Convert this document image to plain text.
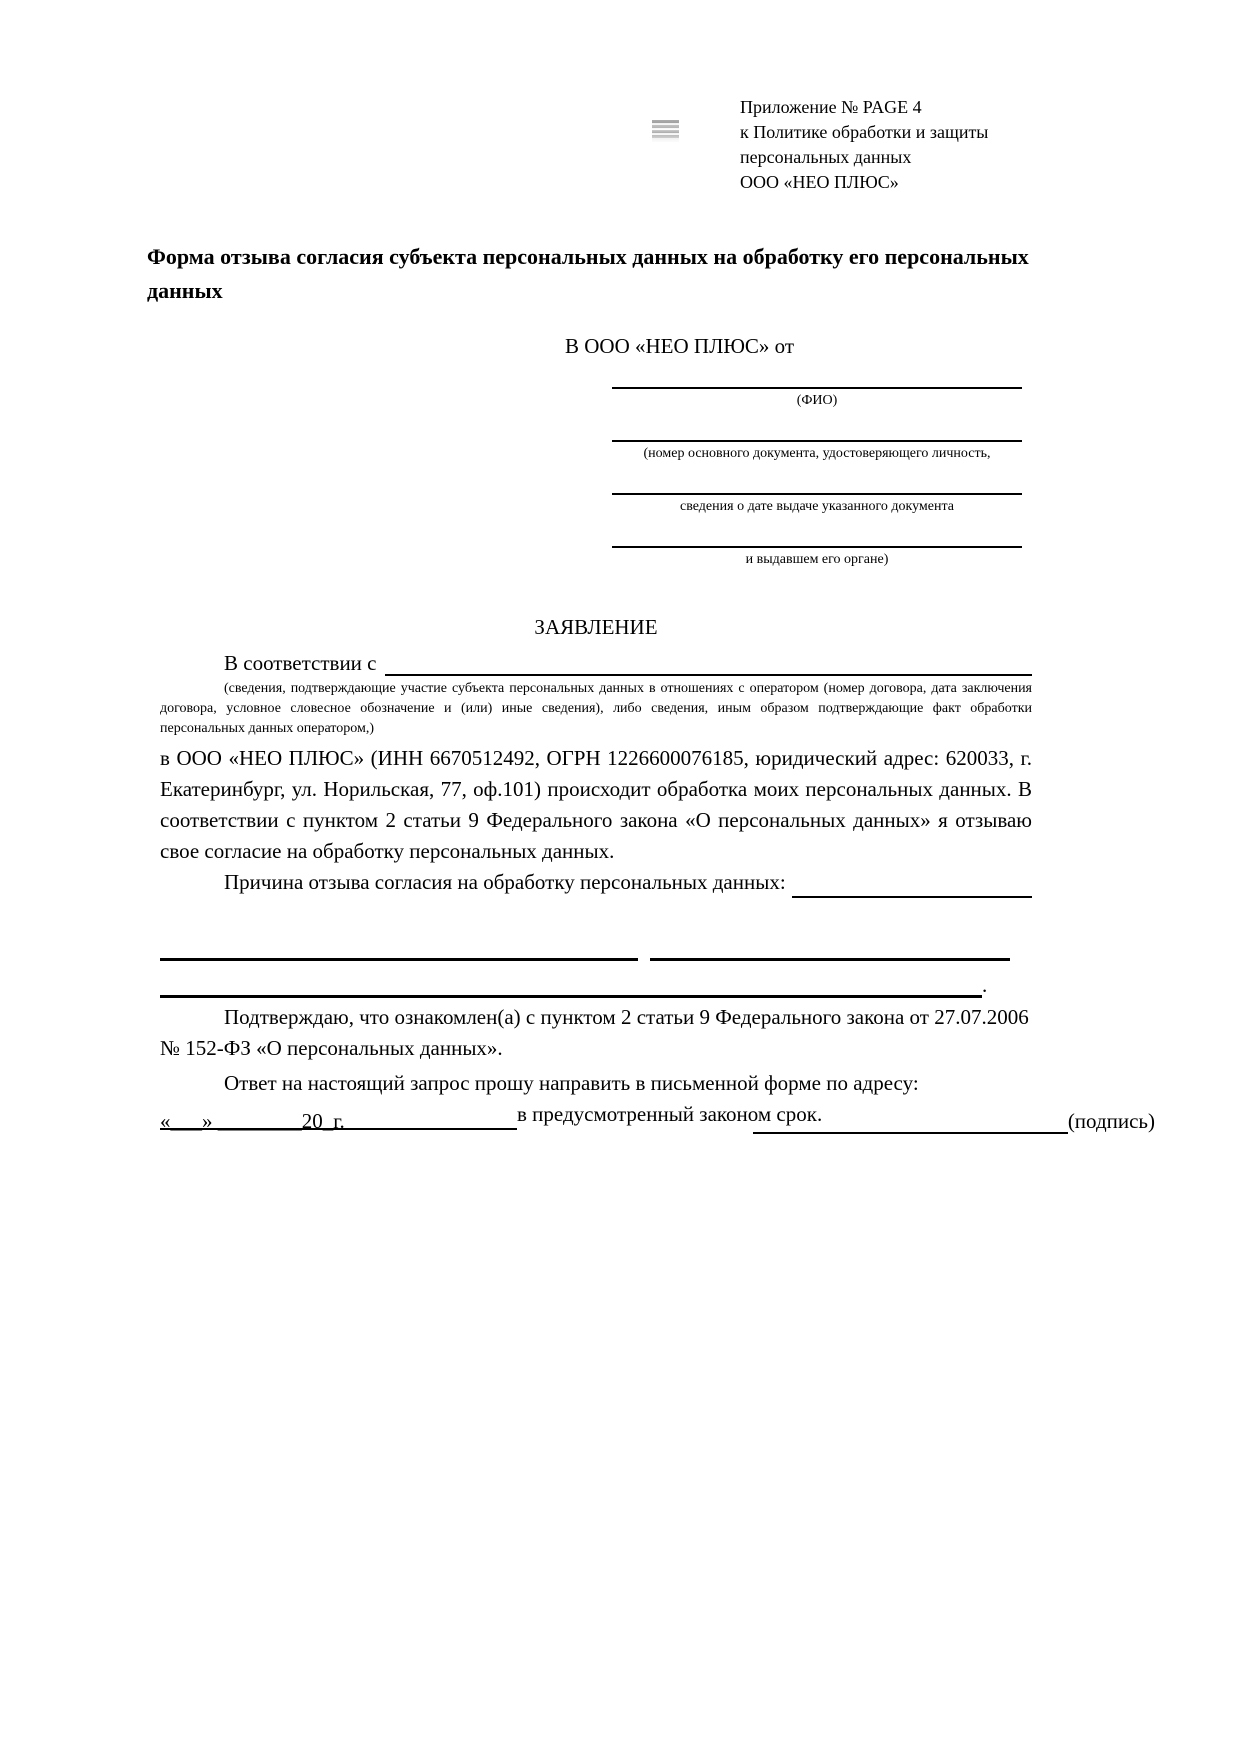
Приложение № PAGE 4
к Политике обработки и защиты
персональных данных
ООО «НЕО ПЛЮС»
Форма отзыва согласия субъекта персональных данных на обработку его персональных данных
В ООО «НЕО ПЛЮС» от
(ФИО)
(номер основного документа, удостоверяющего личность,
сведения о дате выдаче указанного документа
и выдавшем его органе)
ЗАЯВЛЕНИЕ
В соответствии с

(сведения, подтверждающие участие субъекта персональных данных в отношениях с оператором (номер договора, дата заключения договора, условное словесное обозначение и (или) иные сведения), либо сведения, иным образом подтверждающие факт обработки персональных данных оператором,)

в ООО «НЕО ПЛЮС» (ИНН 6670512492, ОГРН 1226600076185, юридический адрес: 620033, г. Екатеринбург, ул. Норильская, 77, оф.101) происходит обработка моих персональных данных. В соответствии с пунктом 2 статьи 9 Федерального закона «О персональных данных» я отзываю свое согласие на обработку персональных данных.

Причина отзыва согласия на обработку персональных данных:
.

Подтверждаю, что ознакомлен(а) с пунктом 2 статьи 9 Федерального закона от 27.07.2006 № 152-ФЗ «О персональных данных».

Ответ на настоящий запрос прошу направить в письменной форме по адресу:

в предусмотренный законом срок.
«___» ________20_г.	(подпись)
